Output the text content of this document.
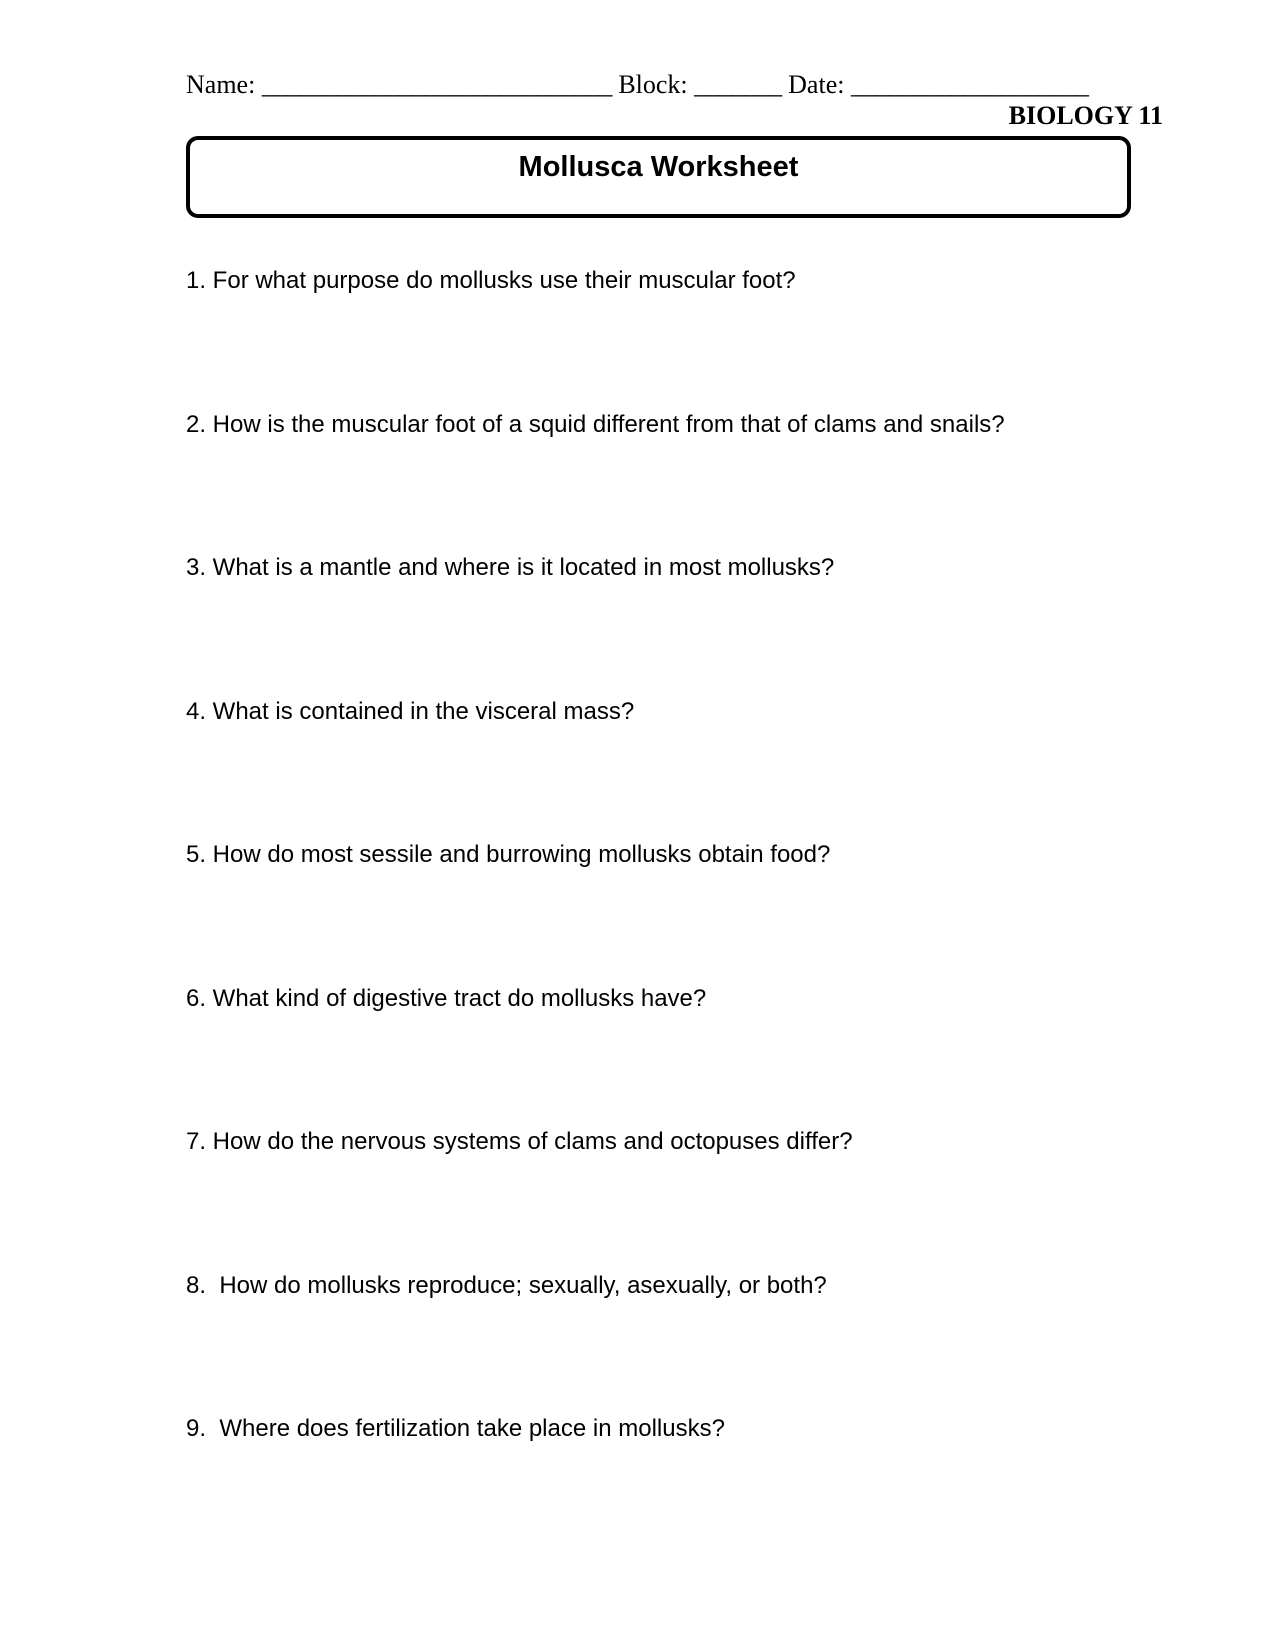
Name: ____________________________ Block: _______ Date: ___________________
BIOLOGY 11
Mollusca Worksheet
1. For what purpose do mollusks use their muscular foot?
2. How is the muscular foot of a squid different from that of clams and snails?
3. What is a mantle and where is it located in most mollusks?
4. What is contained in the visceral mass?
5. How do most sessile and burrowing mollusks obtain food?
6. What kind of digestive tract do mollusks have?
7. How do the nervous systems of clams and octopuses differ?
8.  How do mollusks reproduce; sexually, asexually, or both?
9.  Where does fertilization take place in mollusks?
